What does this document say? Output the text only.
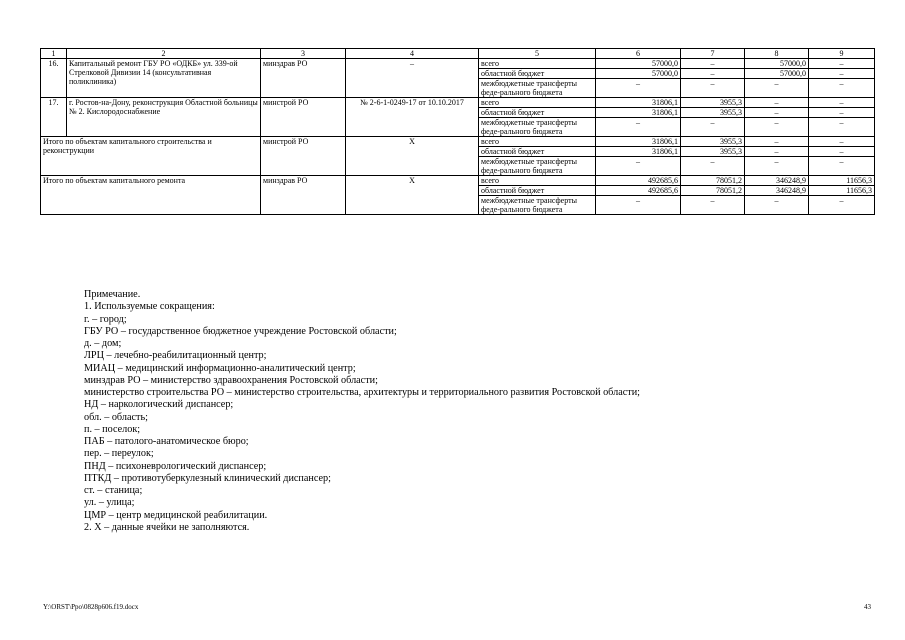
1	2	3	4	5	6	7	8	9
16.	Капитальный ремонт ГБУ РО «ОДКБ» ул. 339-ой Стрелковой Дивизии 14 (консультативная поликлиника)	минздрав РО	–	всего	57000,0	–	57000,0	–
				областной бюджет	57000,0	–	57000,0	–
				межбюджетные трансферты феде-рального бюджета	–	–	–	–
17.	г. Ростов-на-Дону, реконструкция Областной больницы № 2. Кислородоснабжение	минстрой РО	№ 2-6-1-0249-17 от 10.10.2017	всего	31806,1	3955,3	–	–
				областной бюджет	31806,1	3955,3	–	–
				межбюджетные трансферты феде-рального бюджета	–	–	–	–
Итого по объектам капитального строительства и реконструкции		минстрой РО	Х	всего	31806,1	3955,3	–	–
				областной бюджет	31806,1	3955,3	–	–
				межбюджетные трансферты феде-рального бюджета	–	–	–	–
Итого по объектам капитального ремонта		минздрав РО	Х	всего	492685,6	78051,2	346248,9	11656,3
				областной бюджет	492685,6	78051,2	346248,9	11656,3
				межбюджетные трансферты феде-рального бюджета	–	–	–	–
Примечание.
1. Используемые сокращения:
г. – город;
ГБУ РО – государственное бюджетное учреждение Ростовской области;
д. – дом;
ЛРЦ – лечебно-реабилитационный центр;
МИАЦ – медицинский информационно-аналитический центр;
минздрав РО – министерство здравоохранения Ростовской области;
министерство строительства РО – министерство строительства, архитектуры и территориального развития Ростовской области;
НД – наркологический диспансер;
обл. – область;
п. – поселок;
ПАБ – патолого-анатомическое бюро;
пер. – переулок;
ПНД – психоневрологический диспансер;
ПТКД – противотуберкулезный клинический диспансер;
ст. – станица;
ул. – улица;
ЦМР – центр медицинской реабилитации.
2. Х – данные ячейки не заполняются.
Y:\ORST\Ppo\0828p606.f19.docx	43
